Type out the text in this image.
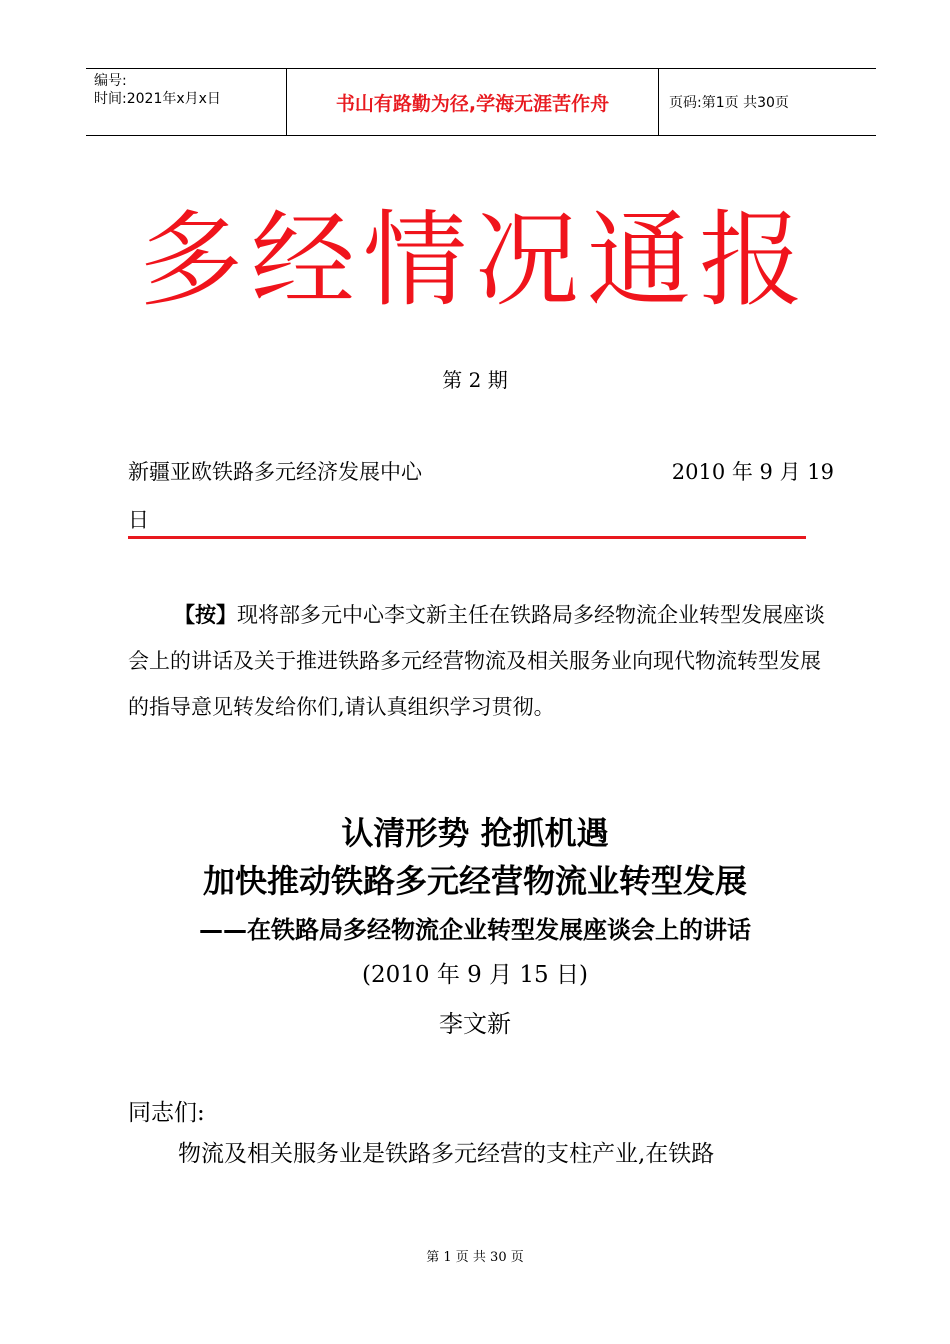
编号:
时间:2021年x月x日	书山有路勤为径,学海无涯苦作舟	页码:第1页 共30页
多经情况通报
第 2 期
新疆亚欧铁路多元经济发展中心	2010 年 9 月 19
日
【按】现将部多元中心李文新主任在铁路局多经物流企业转型发展座谈会上的讲话及关于推进铁路多元经营物流及相关服务业向现代物流转型发展的指导意见转发给你们,请认真组织学习贯彻。
认清形势 抢抓机遇
加快推动铁路多元经营物流业转型发展
——在铁路局多经物流企业转型发展座谈会上的讲话
(2010 年 9 月 15 日)
李文新
同志们:
物流及相关服务业是铁路多元经营的支柱产业,在铁路
第 1 页 共 30 页
